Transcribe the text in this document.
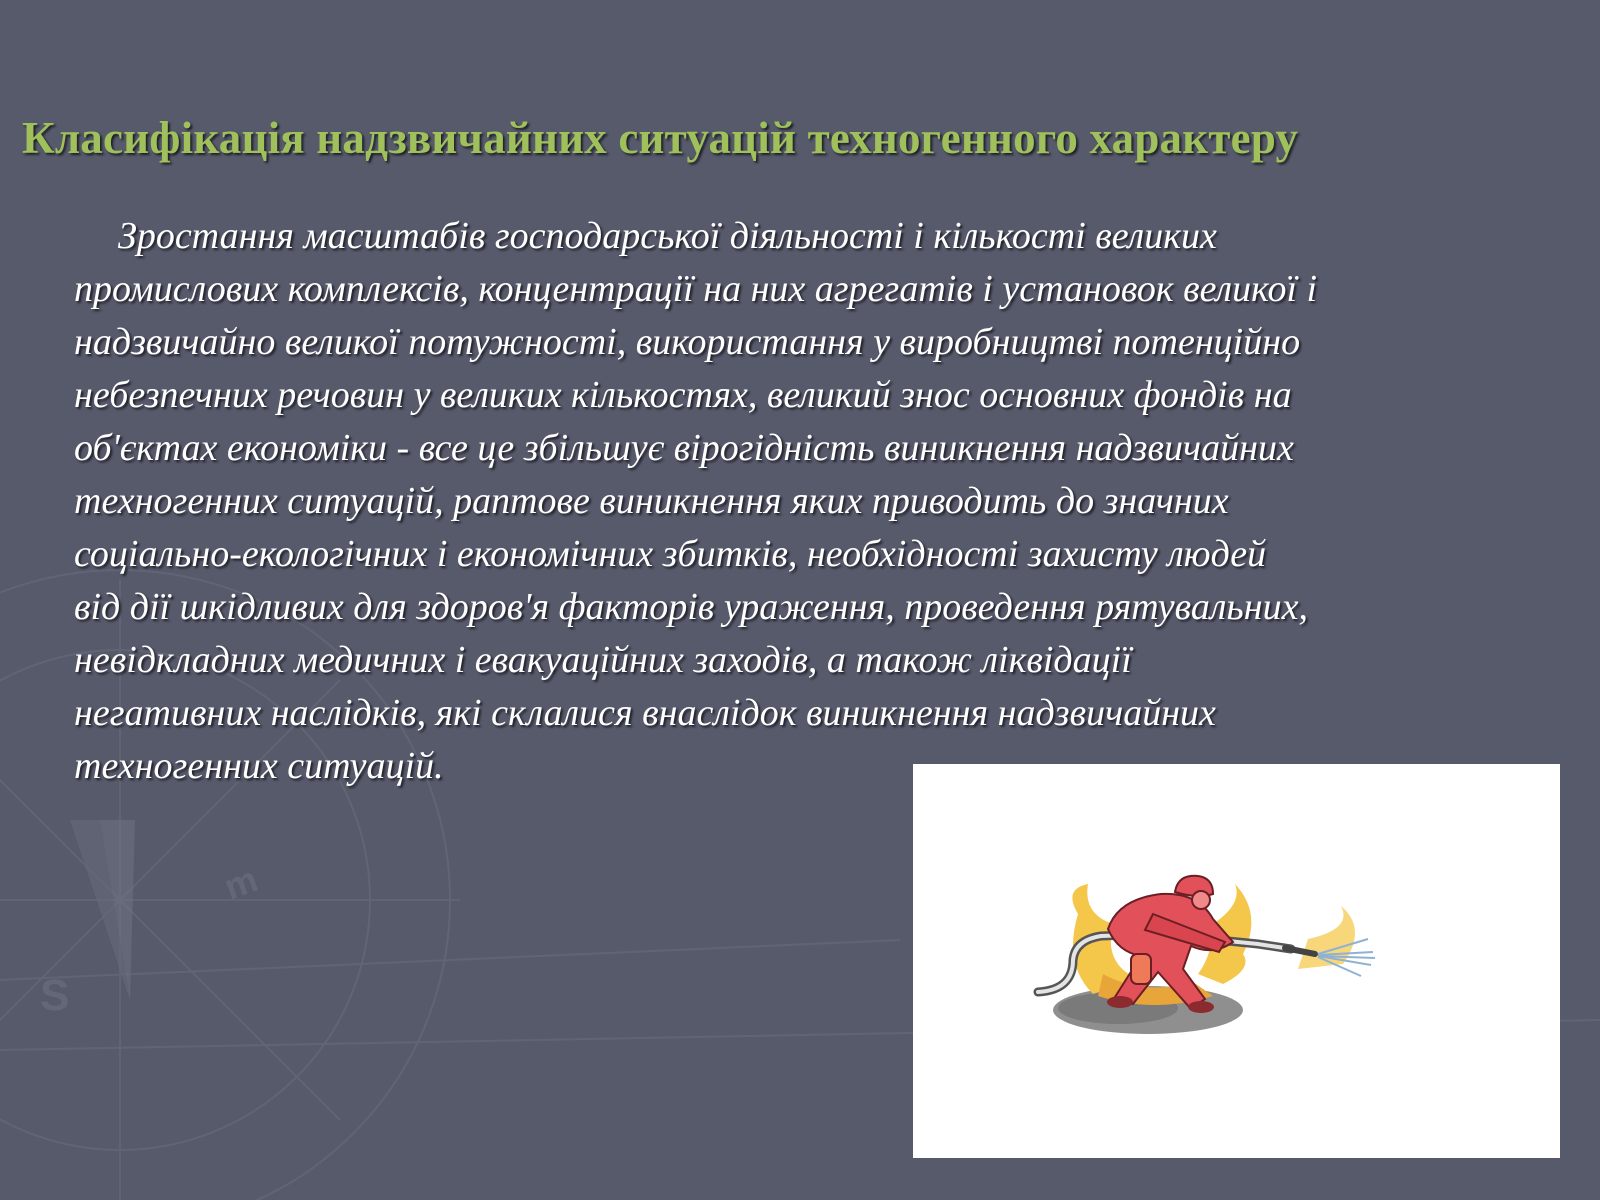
S
m
Класифікація надзвичайних ситуацій техногенного характеру

Зростання масштабів господарської діяльності і кількості великих
промислових комплексів, концентрації на них агрегатів і установок великої і
надзвичайно великої потужності, використання у виробництві потенційно
небезпечних речовин у великих кількостях, великий знос основних фондів на
об'єктах економіки - все це збільшує вірогідність виникнення надзвичайних
техногенних ситуацій, раптове виникнення яких приводить до значних
соціально-екологічних і економічних збитків, необхідності захисту людей
від дії шкідливих для здоров'я факторів ураження, проведення рятувальних,
невідкладних медичних і евакуаційних заходів, а також ліквідації
негативних наслідків, які склалися внаслідок виникнення надзвичайних
техногенних ситуацій.
